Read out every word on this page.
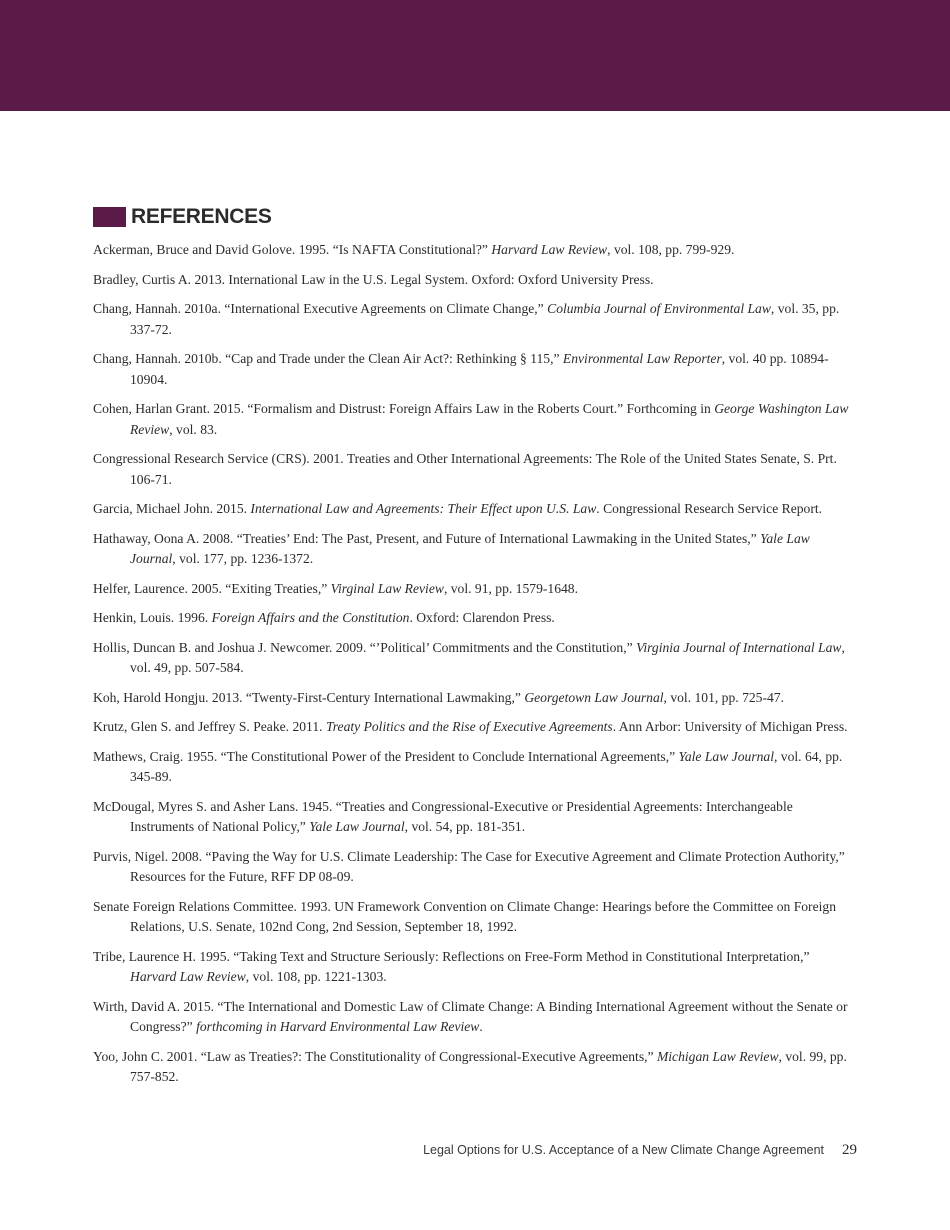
REFERENCES
Ackerman, Bruce and David Golove. 1995. “Is NAFTA Constitutional?” Harvard Law Review, vol. 108, pp. 799-929.
Bradley, Curtis A. 2013. International Law in the U.S. Legal System. Oxford: Oxford University Press.
Chang, Hannah. 2010a. “International Executive Agreements on Climate Change,” Columbia Journal of Environmental Law, vol. 35, pp. 337-72.
Chang, Hannah. 2010b. “Cap and Trade under the Clean Air Act?: Rethinking § 115,” Environmental Law Reporter, vol. 40 pp. 10894-10904.
Cohen, Harlan Grant. 2015. “Formalism and Distrust: Foreign Affairs Law in the Roberts Court.” Forthcoming in George Washington Law Review, vol. 83.
Congressional Research Service (CRS). 2001. Treaties and Other International Agreements: The Role of the United States Senate, S. Prt. 106-71.
Garcia, Michael John. 2015. International Law and Agreements: Their Effect upon U.S. Law. Congressional Research Service Report.
Hathaway, Oona A. 2008. “Treaties’ End: The Past, Present, and Future of International Lawmaking in the United States,” Yale Law Journal, vol. 177, pp. 1236-1372.
Helfer, Laurence. 2005. “Exiting Treaties,” Virginal Law Review, vol. 91, pp. 1579-1648.
Henkin, Louis. 1996. Foreign Affairs and the Constitution. Oxford: Clarendon Press.
Hollis, Duncan B. and Joshua J. Newcomer. 2009. “’Political’ Commitments and the Constitution,” Virginia Journal of International Law, vol. 49, pp. 507-584.
Koh, Harold Hongju. 2013. “Twenty-First-Century International Lawmaking,” Georgetown Law Journal, vol. 101, pp. 725-47.
Krutz, Glen S. and Jeffrey S. Peake. 2011. Treaty Politics and the Rise of Executive Agreements. Ann Arbor: University of Michigan Press.
Mathews, Craig. 1955. “The Constitutional Power of the President to Conclude International Agreements,” Yale Law Journal, vol. 64, pp. 345-89.
McDougal, Myres S. and Asher Lans. 1945. “Treaties and Congressional-Executive or Presidential Agreements: Interchangeable Instruments of National Policy,” Yale Law Journal, vol. 54, pp. 181-351.
Purvis, Nigel. 2008. “Paving the Way for U.S. Climate Leadership: The Case for Executive Agreement and Climate Protection Authority,” Resources for the Future, RFF DP 08-09.
Senate Foreign Relations Committee. 1993. UN Framework Convention on Climate Change: Hearings before the Committee on Foreign Relations, U.S. Senate, 102nd Cong, 2nd Session, September 18, 1992.
Tribe, Laurence H. 1995. “Taking Text and Structure Seriously: Reflections on Free-Form Method in Constitutional Interpretation,” Harvard Law Review, vol. 108, pp. 1221-1303.
Wirth, David A. 2015. “The International and Domestic Law of Climate Change: A Binding International Agreement without the Senate or Congress?” forthcoming in Harvard Environmental Law Review.
Yoo, John C. 2001. “Law as Treaties?: The Constitutionality of Congressional-Executive Agreements,” Michigan Law Review, vol. 99, pp. 757-852.
Legal Options for U.S. Acceptance of a New Climate Change Agreement 29
